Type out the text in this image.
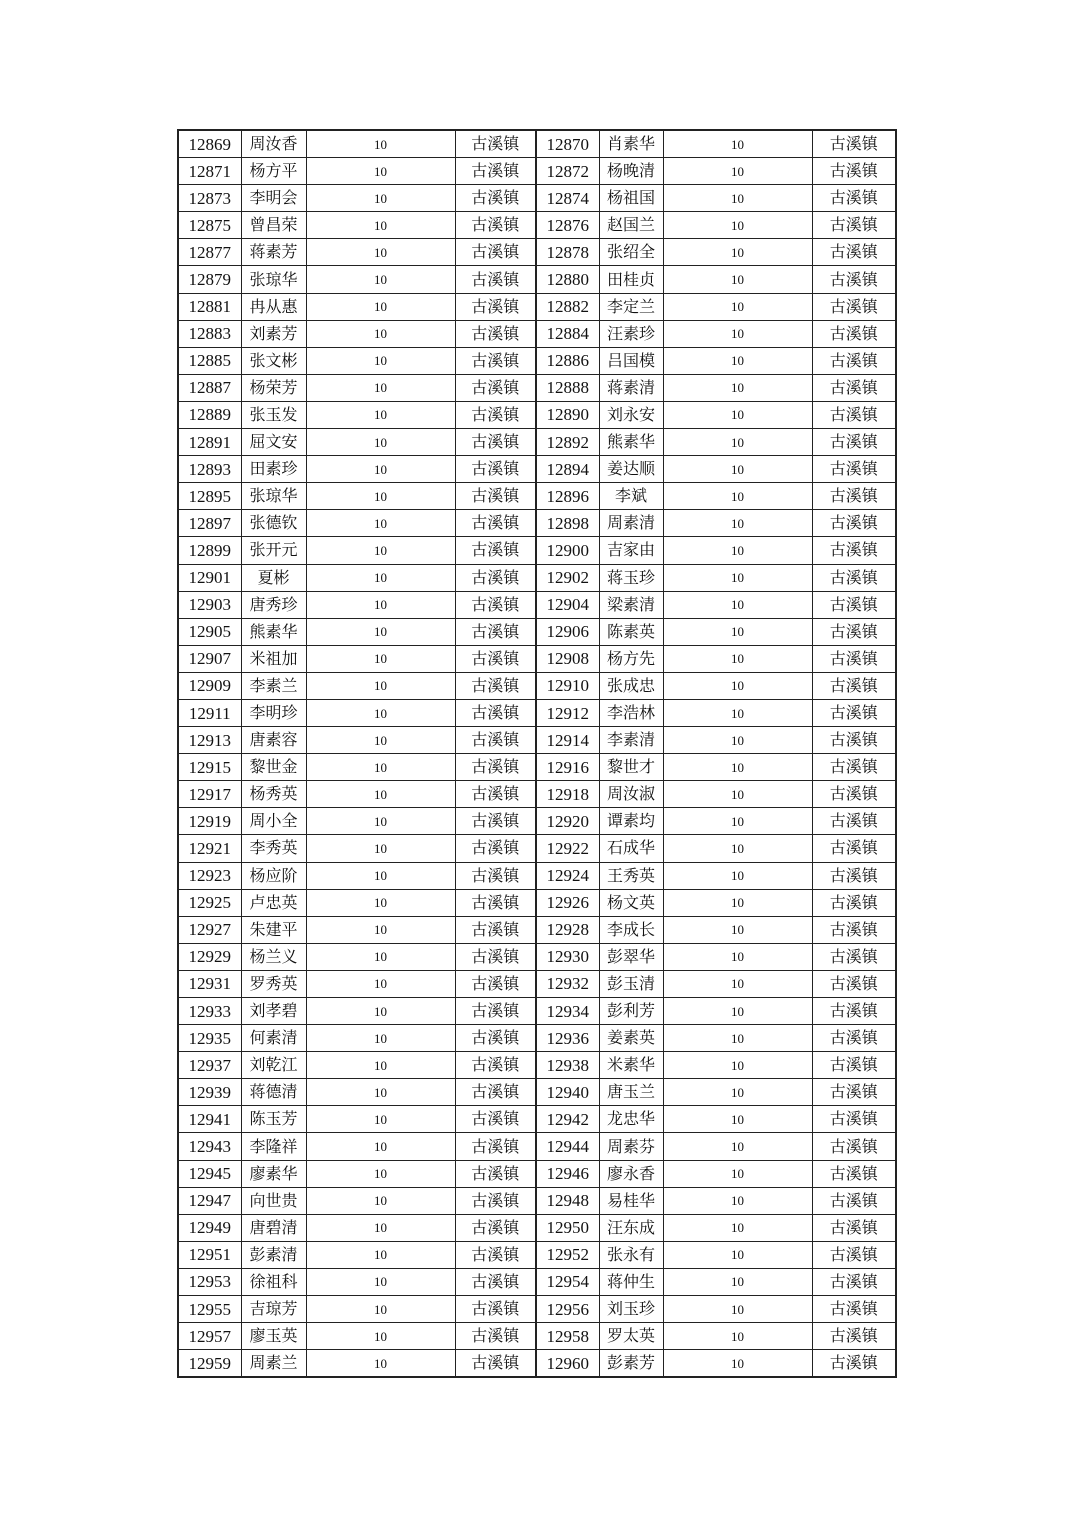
12869	周汝香	10	古溪镇	12870	肖素华	10	古溪镇
12871	杨方平	10	古溪镇	12872	杨晚清	10	古溪镇
12873	李明会	10	古溪镇	12874	杨祖国	10	古溪镇
12875	曾昌荣	10	古溪镇	12876	赵国兰	10	古溪镇
12877	蒋素芳	10	古溪镇	12878	张绍全	10	古溪镇
12879	张琼华	10	古溪镇	12880	田桂贞	10	古溪镇
12881	冉从惠	10	古溪镇	12882	李定兰	10	古溪镇
12883	刘素芳	10	古溪镇	12884	汪素珍	10	古溪镇
12885	张文彬	10	古溪镇	12886	吕国模	10	古溪镇
12887	杨荣芳	10	古溪镇	12888	蒋素清	10	古溪镇
12889	张玉发	10	古溪镇	12890	刘永安	10	古溪镇
12891	屈文安	10	古溪镇	12892	熊素华	10	古溪镇
12893	田素珍	10	古溪镇	12894	姜达顺	10	古溪镇
12895	张琼华	10	古溪镇	12896	李斌	10	古溪镇
12897	张德钦	10	古溪镇	12898	周素清	10	古溪镇
12899	张开元	10	古溪镇	12900	吉家由	10	古溪镇
12901	夏彬	10	古溪镇	12902	蒋玉珍	10	古溪镇
12903	唐秀珍	10	古溪镇	12904	梁素清	10	古溪镇
12905	熊素华	10	古溪镇	12906	陈素英	10	古溪镇
12907	米祖加	10	古溪镇	12908	杨方先	10	古溪镇
12909	李素兰	10	古溪镇	12910	张成忠	10	古溪镇
12911	李明珍	10	古溪镇	12912	李浩林	10	古溪镇
12913	唐素容	10	古溪镇	12914	李素清	10	古溪镇
12915	黎世金	10	古溪镇	12916	黎世才	10	古溪镇
12917	杨秀英	10	古溪镇	12918	周汝淑	10	古溪镇
12919	周小全	10	古溪镇	12920	谭素均	10	古溪镇
12921	李秀英	10	古溪镇	12922	石成华	10	古溪镇
12923	杨应阶	10	古溪镇	12924	王秀英	10	古溪镇
12925	卢忠英	10	古溪镇	12926	杨文英	10	古溪镇
12927	朱建平	10	古溪镇	12928	李成长	10	古溪镇
12929	杨兰义	10	古溪镇	12930	彭翠华	10	古溪镇
12931	罗秀英	10	古溪镇	12932	彭玉清	10	古溪镇
12933	刘孝碧	10	古溪镇	12934	彭利芳	10	古溪镇
12935	何素清	10	古溪镇	12936	姜素英	10	古溪镇
12937	刘乾江	10	古溪镇	12938	米素华	10	古溪镇
12939	蒋德清	10	古溪镇	12940	唐玉兰	10	古溪镇
12941	陈玉芳	10	古溪镇	12942	龙忠华	10	古溪镇
12943	李隆祥	10	古溪镇	12944	周素芬	10	古溪镇
12945	廖素华	10	古溪镇	12946	廖永香	10	古溪镇
12947	向世贵	10	古溪镇	12948	易桂华	10	古溪镇
12949	唐碧清	10	古溪镇	12950	汪东成	10	古溪镇
12951	彭素清	10	古溪镇	12952	张永有	10	古溪镇
12953	徐祖科	10	古溪镇	12954	蒋仲生	10	古溪镇
12955	吉琼芳	10	古溪镇	12956	刘玉珍	10	古溪镇
12957	廖玉英	10	古溪镇	12958	罗太英	10	古溪镇
12959	周素兰	10	古溪镇	12960	彭素芳	10	古溪镇
